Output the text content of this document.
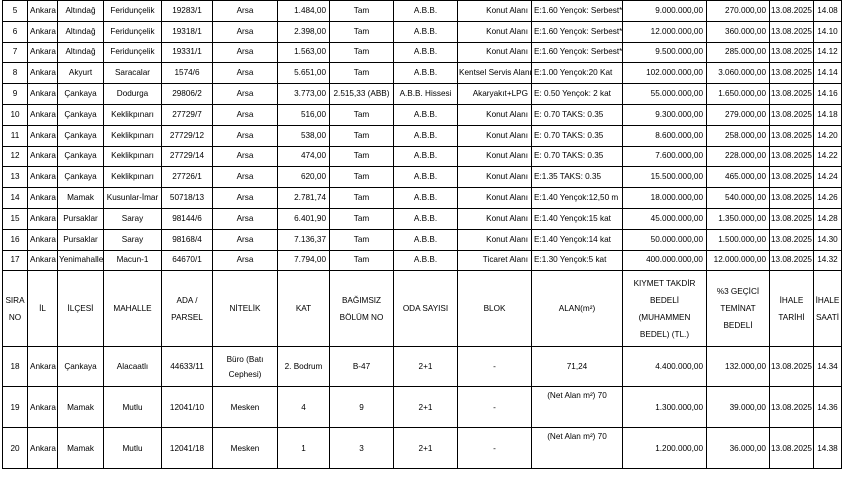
5	Ankara	Altındağ	Feridunçelik	19283/1	Arsa	1.484,00	Tam	A.B.B.	Konut Alanı	E:1.60 Yençok: Serbest*	9.000.000,00	270.000,00	13.08.2025	14.08
6	Ankara	Altındağ	Feridunçelik	19318/1	Arsa	2.398,00	Tam	A.B.B.	Konut Alanı	E:1.60 Yençok: Serbest*	12.000.000,00	360.000,00	13.08.2025	14.10
7	Ankara	Altındağ	Feridunçelik	19331/1	Arsa	1.563,00	Tam	A.B.B.	Konut Alanı	E:1.60 Yençok: Serbest*	9.500.000,00	285.000,00	13.08.2025	14.12
8	Ankara	Akyurt	Saracalar	1574/6	Arsa	5.651,00	Tam	A.B.B.	Kentsel Servis Alanı	E:1.00 Yençok:20 Kat	102.000.000,00	3.060.000,00	13.08.2025	14.14
9	Ankara	Çankaya	Dodurga	29806/2	Arsa	3.773,00	2.515,33 (ABB)	A.B.B. Hissesi	Akaryakıt+LPG	E: 0.50 Yençok: 2 kat	55.000.000,00	1.650.000,00	13.08.2025	14.16
10	Ankara	Çankaya	Keklikpınarı	27729/7	Arsa	516,00	Tam	A.B.B.	Konut Alanı	E: 0.70 TAKS: 0.35	9.300.000,00	279.000,00	13.08.2025	14.18
11	Ankara	Çankaya	Keklikpınarı	27729/12	Arsa	538,00	Tam	A.B.B.	Konut Alanı	E: 0.70 TAKS: 0.35	8.600.000,00	258.000,00	13.08.2025	14.20
12	Ankara	Çankaya	Keklikpınarı	27729/14	Arsa	474,00	Tam	A.B.B.	Konut Alanı	E: 0.70 TAKS: 0.35	7.600.000,00	228.000,00	13.08.2025	14.22
13	Ankara	Çankaya	Keklikpınarı	27726/1	Arsa	620,00	Tam	A.B.B.	Konut Alanı	E:1.35 TAKS: 0.35	15.500.000,00	465.000,00	13.08.2025	14.24
14	Ankara	Mamak	Kusunlar-İmar	50718/13	Arsa	2.781,74	Tam	A.B.B.	Konut Alanı	E:1.40 Yençok:12,50 m	18.000.000,00	540.000,00	13.08.2025	14.26
15	Ankara	Pursaklar	Saray	98144/6	Arsa	6.401,90	Tam	A.B.B.	Konut Alanı	E:1.40 Yençok:15 kat	45.000.000,00	1.350.000,00	13.08.2025	14.28
16	Ankara	Pursaklar	Saray	98168/4	Arsa	7.136,37	Tam	A.B.B.	Konut Alanı	E:1.40 Yençok:14 kat	50.000.000,00	1.500.000,00	13.08.2025	14.30
17	Ankara	Yenimahalle	Macun-1	64670/1	Arsa	7.794,00	Tam	A.B.B.	Ticaret Alanı	E:1.30 Yençok:5 kat	400.000.000,00	12.000.000,00	13.08.2025	14.32
SIRA NO	İL	İLÇESİ	MAHALLE	ADA / PARSEL	NİTELİK	KAT	BAĞIMSIZ BÖLÜM NO	ODA SAYISI	BLOK	ALAN(m²)	KIYMET TAKDİR BEDELİ (MUHAMMEN BEDEL) (TL.)	%3 GEÇİCİ TEMİNAT BEDELİ	İHALE TARİHİ	İHALE SAATİ
18	Ankara	Çankaya	Alacaatlı	44633/11	Büro (Batı Cephesi)	2. Bodrum	B-47	2+1	-	71,24	4.400.000,00	132.000,00	13.08.2025	14.34
19	Ankara	Mamak	Mutlu	12041/10	Mesken	4	9	2+1	-	(Net Alan m²) 70	1.300.000,00	39.000,00	13.08.2025	14.36
20	Ankara	Mamak	Mutlu	12041/18	Mesken	1	3	2+1	-	(Net Alan m²) 70	1.200.000,00	36.000,00	13.08.2025	14.38
